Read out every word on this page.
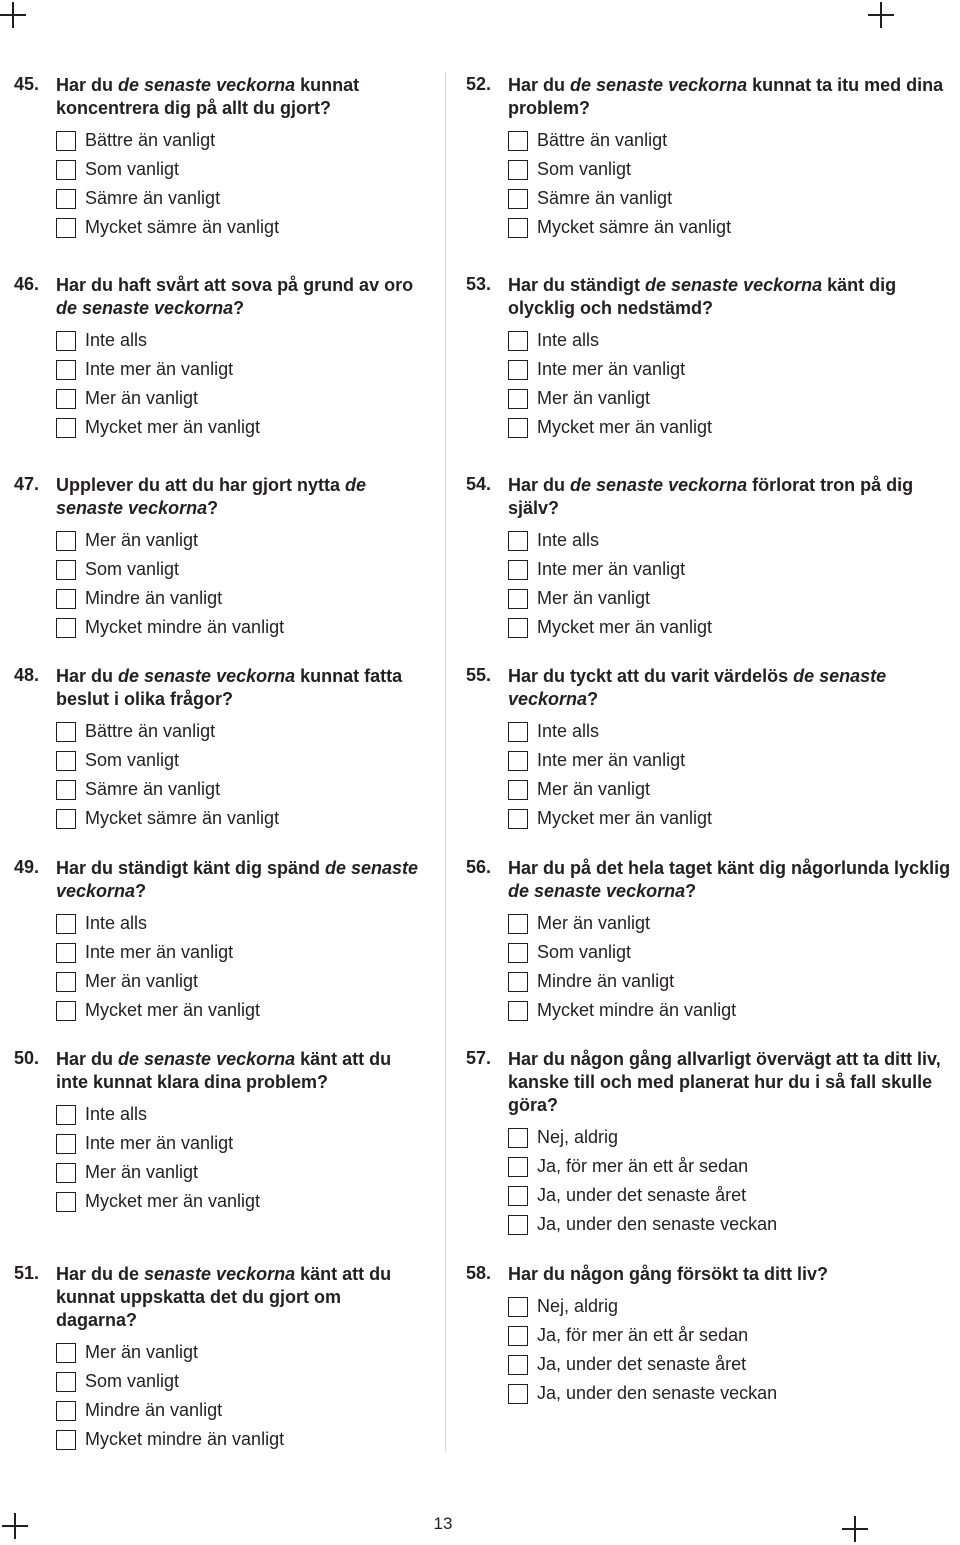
45. Har du de senaste veckorna kunnat koncentrera dig på allt du gjort?
Bättre än vanligt
Som vanligt
Sämre än vanligt
Mycket sämre än vanligt
46. Har du haft svårt att sova på grund av oro de senaste veckorna?
Inte alls
Inte mer än vanligt
Mer än vanligt
Mycket mer än vanligt
47. Upplever du att du har gjort nytta de senaste veckorna?
Mer än vanligt
Som vanligt
Mindre än vanligt
Mycket mindre än vanligt
48. Har du de senaste veckorna kunnat fatta beslut i olika frågor?
Bättre än vanligt
Som vanligt
Sämre än vanligt
Mycket sämre än vanligt
49. Har du ständigt känt dig spänd de senaste veckorna?
Inte alls
Inte mer än vanligt
Mer än vanligt
Mycket mer än vanligt
50. Har du de senaste veckorna känt att du inte kunnat klara dina problem?
Inte alls
Inte mer än vanligt
Mer än vanligt
Mycket mer än vanligt
51. Har du de senaste veckorna känt att du kunnat uppskatta det du gjort om dagarna?
Mer än vanligt
Som vanligt
Mindre än vanligt
Mycket mindre än vanligt
52. Har du de senaste veckorna kunnat ta itu med dina problem?
Bättre än vanligt
Som vanligt
Sämre än vanligt
Mycket sämre än vanligt
53. Har du ständigt de senaste veckorna känt dig olycklig och nedstämd?
Inte alls
Inte mer än vanligt
Mer än vanligt
Mycket mer än vanligt
54. Har du de senaste veckorna förlorat tron på dig själv?
Inte alls
Inte mer än vanligt
Mer än vanligt
Mycket mer än vanligt
55. Har du tyckt att du varit värdelös de senaste veckorna?
Inte alls
Inte mer än vanligt
Mer än vanligt
Mycket mer än vanligt
56. Har du på det hela taget känt dig någorlunda lycklig de senaste veckorna?
Mer än vanligt
Som vanligt
Mindre än vanligt
Mycket mindre än vanligt
57. Har du någon gång allvarligt övervägt att ta ditt liv, kanske till och med planerat hur du i så fall skulle göra?
Nej, aldrig
Ja, för mer än ett år sedan
Ja, under det senaste året
Ja, under den senaste veckan
58. Har du någon gång försökt ta ditt liv?
Nej, aldrig
Ja, för mer än ett år sedan
Ja, under det senaste året
Ja, under den senaste veckan
13
